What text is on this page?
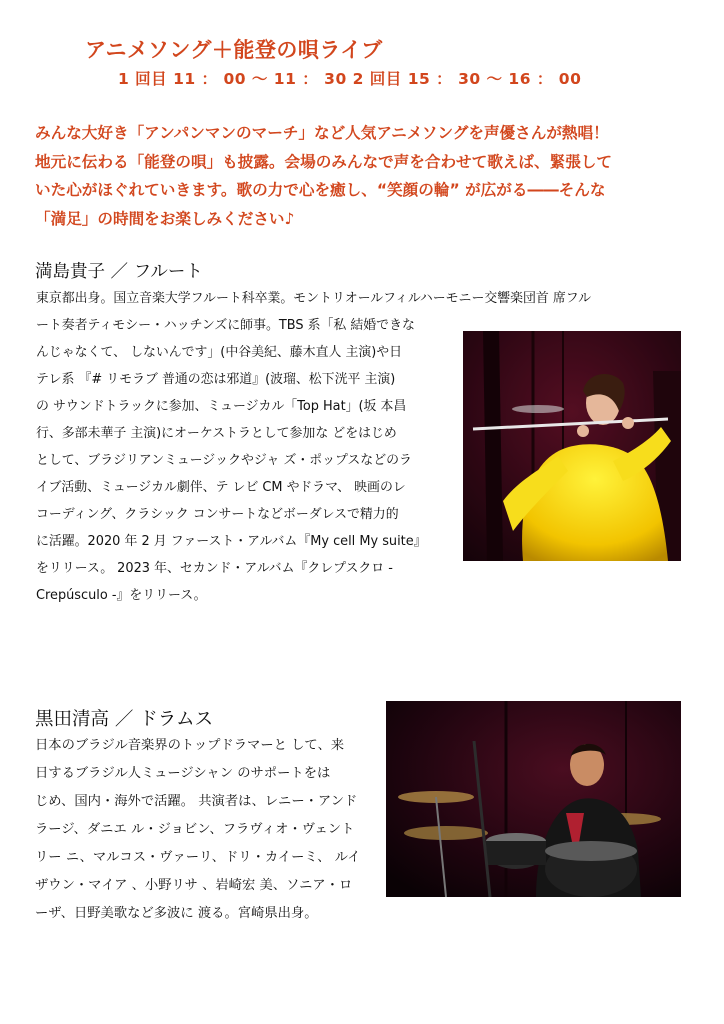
アニメソング＋能登の唄ライブ
1 回目 11 ： 00 ～ 11 ： 30 2 回目 15 ： 30 ～ 16 ： 00
みんな大好き「アンパンマンのマーチ」など人気アニメソングを声優さんが熱唱！
地元に伝わる「能登の唄」も披露。会場のみんなで声を合わせて歌えば、緊張して
いた心がほぐれていきます。歌の力で心を癒し、“笑顔の輪” が広がる――そんな
「満足」の時間をお楽しみください♪
満島貴子 ／ フルート
東京都出身。国立音楽大学フルート科卒業。モントリオールフィルハーモニー交響楽団首 席フル
ート奏者ティモシー・ハッチンズに師事。TBS 系「私 結婚できな
んじゃなくて、 しないんです」(中谷美紀、藤木直人 主演)や日
テレ系 『# リモラブ 普通の恋は邪道』(波瑠、松下洸平 主演)
の サウンドトラックに参加、ミュージカル「Top Hat」(坂 本昌
行、多部未華子 主演)にオーケストラとして参加な どをはじめ
として、ブラジリアンミュージックやジャ ズ・ポップスなどのラ
イブ活動、ミュージカル劇伴、テ レビ CM やドラマ、 映画のレ
コーディング、クラシック コンサートなどボーダレスで精力的
に活躍。2020 年 2 月 ファースト・アルバム『My cell My suite』
をリリース。 2023 年、セカンド・アルバム『クレプスクロ -
Crepúsculo -』をリリース。
黒田清高 ／ ドラムス
日本のブラジル音楽界のトップドラマーと して、来
日するブラジル人ミュージシャン のサポートをは
じめ、国内・海外で活躍。 共演者は、レニー・アンド
ラージ、ダニエ ル・ジョビン、フラヴィオ・ヴェント
リー ニ、マルコス・ヴァーリ、ドリ・カイーミ、 ルイ
ザウン・マイア 、小野リサ 、岩崎宏 美、ソニア・ロ
ーザ、日野美歌など多波に 渡る。宮崎県出身。
